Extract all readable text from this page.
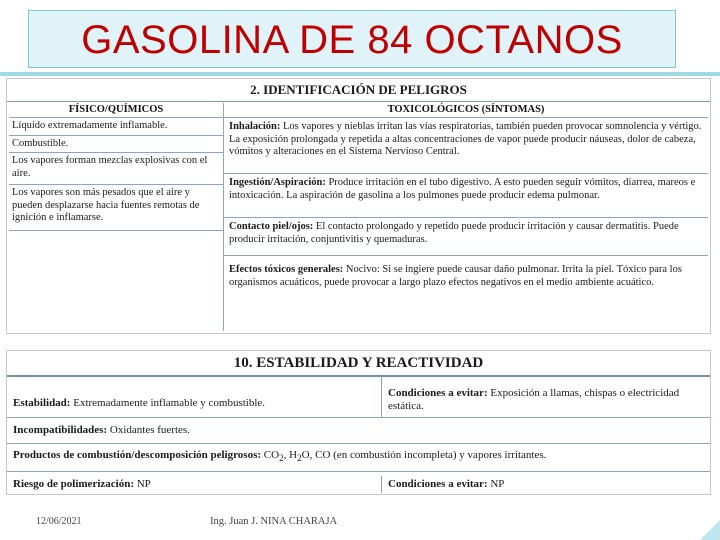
GASOLINA DE 84 OCTANOS
2. IDENTIFICACIÓN DE PELIGROS
FÍSICO/QUÍMICOS
Líquido extremadamente inflamable.
Combustible.
Los vapores forman mezclas explosivas con el aire.
Los vapores son más pesados que el aire y pueden desplazarse hacia fuentes remotas de ignición e inflamarse.
TOXICOLÓGICOS (SÍNTOMAS)
Inhalación: Los vapores y nieblas irritan las vías respiratorias, también pueden provocar somnolencia y vértigo. La exposición prolongada y repetida a altas concentraciones de vapor puede producir náuseas, dolor de cabeza, vómitos y alteraciones en el Sistema Nervioso Central.
Ingestión/Aspiración: Produce irritación en el tubo digestivo. A esto pueden seguir vómitos, diarrea, mareos e intoxicación. La aspiración de gasolina a los pulmones puede producir edema pulmonar.
Contacto piel/ojos: El contacto prolongado y repetido puede producir irritación y causar dermatitis. Puede producir irritación, conjuntivitis y quemaduras.
Efectos tóxicos generales: Nocivo: Si se ingiere puede causar daño pulmonar. Irrita la piel. Tóxico para los organismos acuáticos, puede provocar a largo plazo efectos negativos en el medio ambiente acuático.
10. ESTABILIDAD Y REACTIVIDAD
Estabilidad: Extremadamente inflamable y combustible.
Condiciones a evitar: Exposición a llamas, chispas o electricidad estática.
Incompatibilidades: Oxidantes fuertes.
Productos de combustión/descomposición peligrosos: $CO_2$, $H_2O$, CO (en combustión incompleta) y vapores irritantes.
Riesgo de polimerización: NP	Condiciones a evitar: NP
12/06/2021	Ing. Juan J. NINA CHARAJA
